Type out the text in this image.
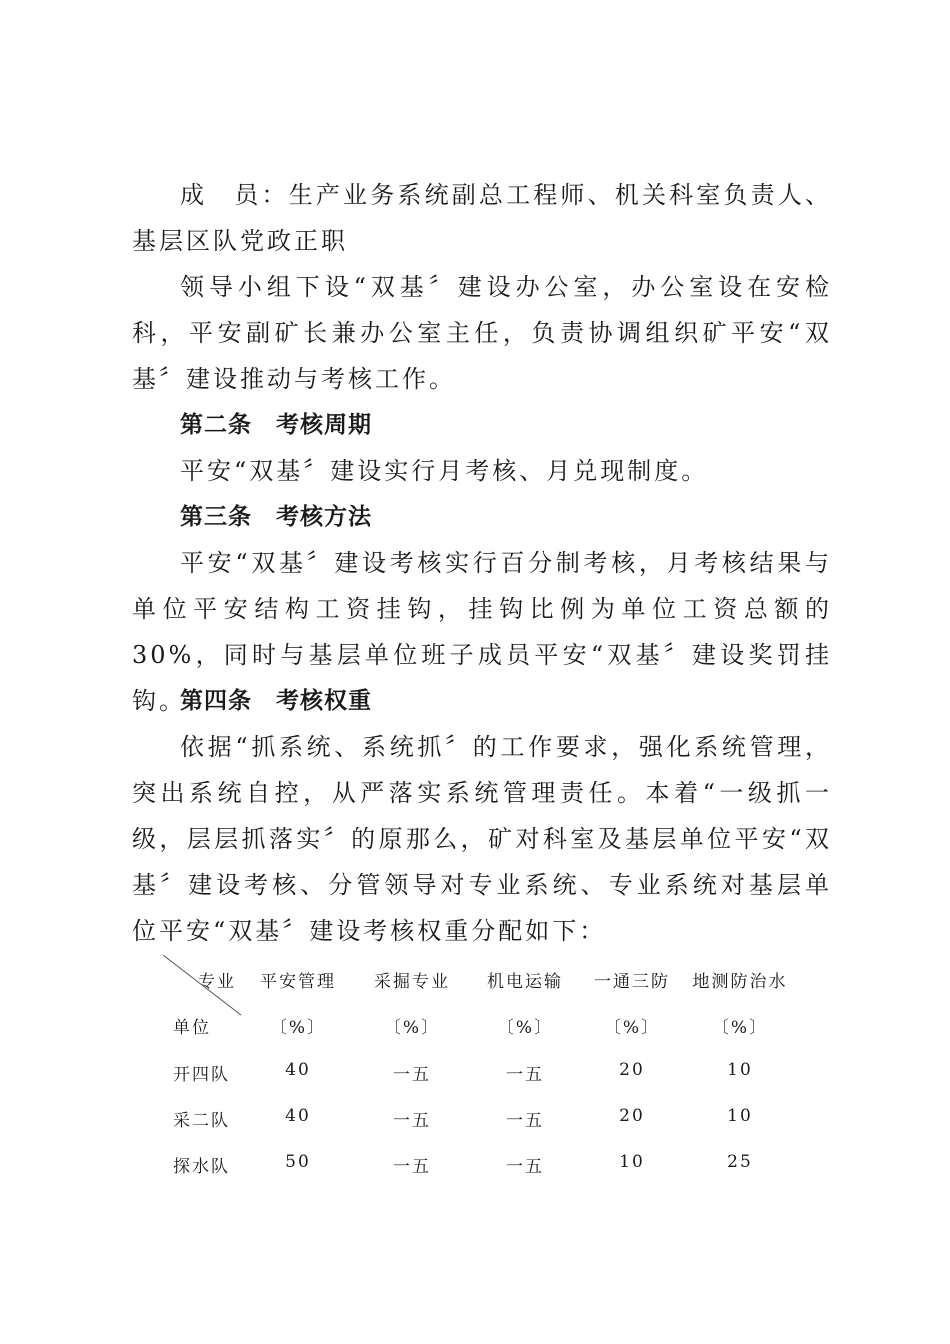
成　员：生产业务系统副总工程师、机关科室负责人、基层区队党政正职

领导小组下设“双基〞建设办公室，办公室设在安检科，平安副矿长兼办公室主任，负责协调组织矿平安“双基〞建设推动与考核工作。

第二条　考核周期

平安“双基〞建设实行月考核、月兑现制度。

第三条　考核方法

平安“双基〞建设考核实行百分制考核，月考核结果与单位平安结构工资挂钩，挂钩比例为单位工资总额的30%，同时与基层单位班子成员平安“双基〞建设奖罚挂钩。

第四条　考核权重

依据“抓系统、系统抓〞的工作要求，强化系统管理，突出系统自控，从严落实系统管理责任。本着“一级抓一级，层层抓落实〞的原那么，矿对科室及基层单位平安“双基〞建设考核、分管领导对专业系统、专业系统对基层单位平安“双基〞建设考核权重分配如下：

专业
单位
平安管理 采掘专业 机电运输 一通三防 地测防治水
〔%〕	〔%〕	〔%〕	〔%〕	〔%〕
开四队	40	一五	一五	20	10
采二队	40	一五	一五	20	10
探水队	50	一五	一五	10	25
